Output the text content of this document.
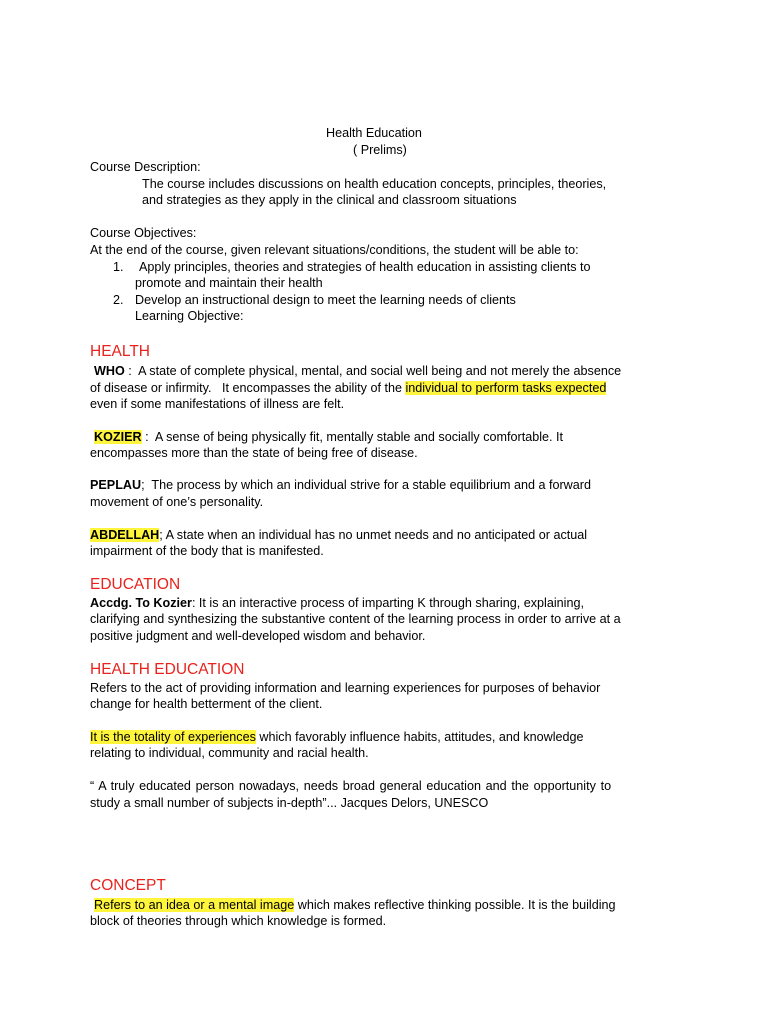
Health Education
( Prelims)
Course Description:
The course includes discussions on health education concepts, principles, theories,
and strategies as they apply in the clinical and classroom situations
Course Objectives:
At the end of the course, given relevant situations/conditions, the student will be able to:
1. Apply principles, theories and strategies of health education in assisting clients to
promote and maintain their health
2. Develop an instructional design to meet the learning needs of clients
Learning Objective:
HEALTH
WHO :  A state of complete physical, mental, and social well being and not merely the absence
of disease or infirmity.   It encompasses the ability of the individual to perform tasks expected
even if some manifestations of illness are felt.
KOZIER :  A sense of being physically fit, mentally stable and socially comfortable. It
encompasses more than the state of being free of disease.
PEPLAU;  The process by which an individual strive for a stable equilibrium and a forward
movement of one’s personality.
ABDELLAH; A state when an individual has no unmet needs and no anticipated or actual
impairment of the body that is manifested.
EDUCATION
Accdg. To Kozier: It is an interactive process of imparting K through sharing, explaining,
clarifying and synthesizing the substantive content of the learning process in order to arrive at a
positive judgment and well-developed wisdom and behavior.
HEALTH EDUCATION
Refers to the act of providing information and learning experiences for purposes of behavior
change for health betterment of the client.
It is the totality of experiences which favorably influence habits, attitudes, and knowledge
relating to individual, community and racial health.
“ A truly educated person nowadays, needs broad general education and the opportunity to
study a small number of subjects in-depth”... Jacques Delors, UNESCO
CONCEPT
Refers to an idea or a mental image which makes reflective thinking possible. It is the building
block of theories through which knowledge is formed.
